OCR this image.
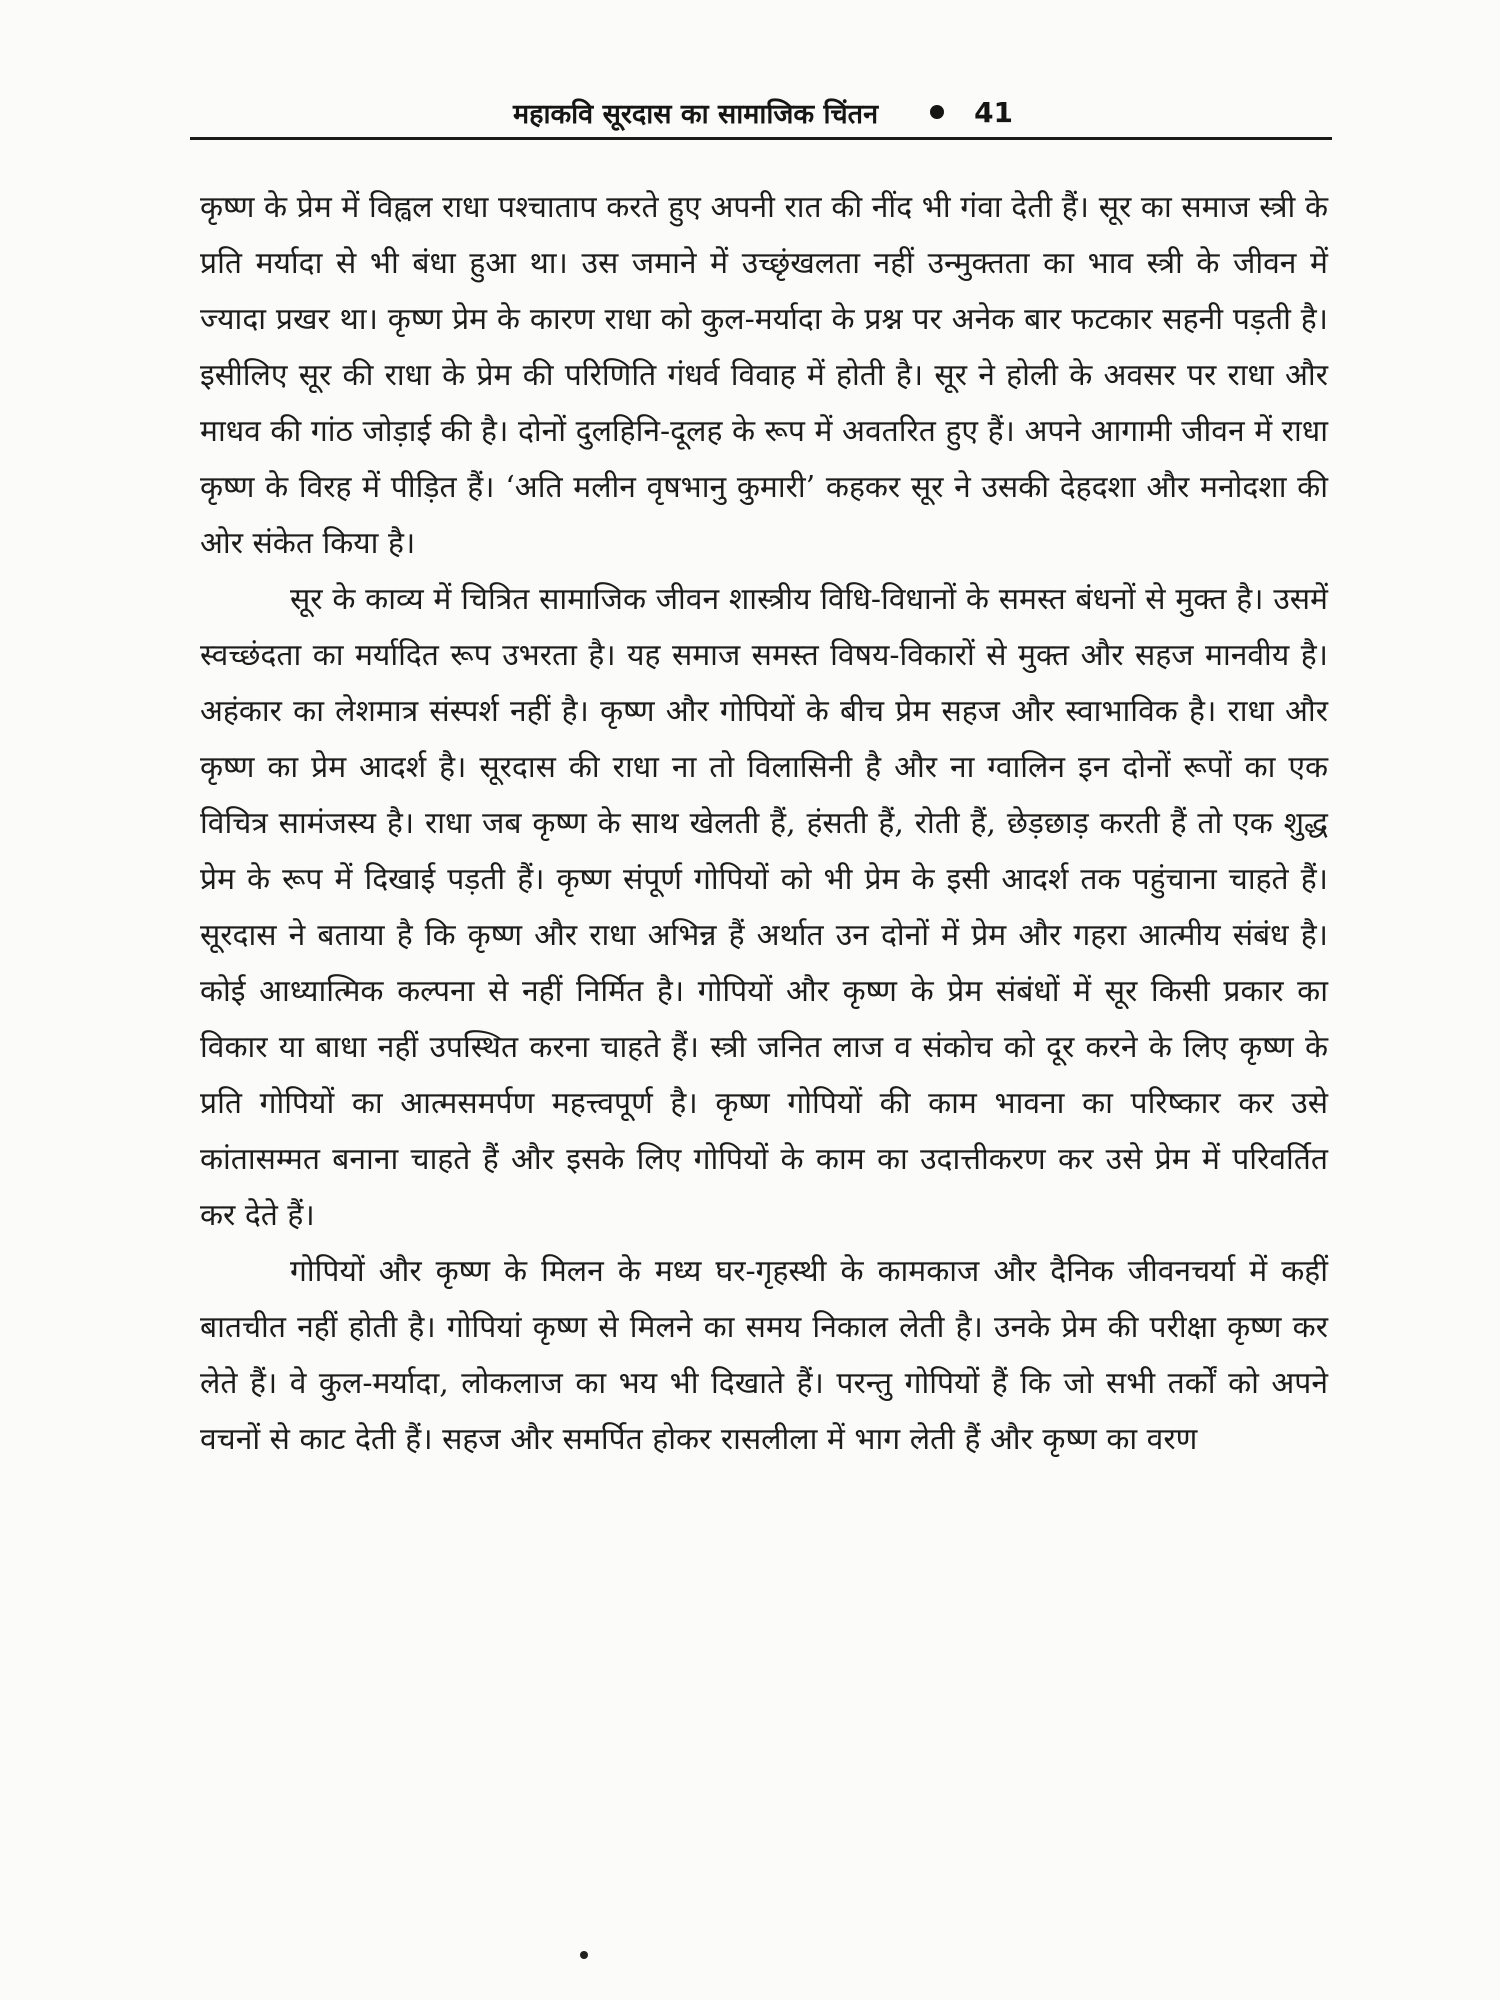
महाकवि सूरदास का सामाजिक चिंतन	41

कृष्ण के प्रेम में विह्वल राधा पश्चाताप करते हुए अपनी रात की नींद भी गंवा देती हैं। सूर का समाज स्त्री के प्रति मर्यादा से भी बंधा हुआ था। उस जमाने में उच्छृंखलता नहीं उन्मुक्तता का भाव स्त्री के जीवन में ज्यादा प्रखर था। कृष्ण प्रेम के कारण राधा को कुल-मर्यादा के प्रश्न पर अनेक बार फटकार सहनी पड़ती है। इसीलिए सूर की राधा के प्रेम की परिणिति गंधर्व विवाह में होती है। सूर ने होली के अवसर पर राधा और माधव की गांठ जोड़ाई की है। दोनों दुलहिनि-दूलह के रूप में अवतरित हुए हैं। अपने आगामी जीवन में राधा कृष्ण के विरह में पीड़ित हैं। ‘अति मलीन वृषभानु कुमारी’ कहकर सूर ने उसकी देहदशा और मनोदशा की ओर संकेत किया है।

सूर के काव्य में चित्रित सामाजिक जीवन शास्त्रीय विधि-विधानों के समस्त बंधनों से मुक्त है। उसमें स्वच्छंदता का मर्यादित रूप उभरता है। यह समाज समस्त विषय-विकारों से मुक्त और सहज मानवीय है। अहंकार का लेशमात्र संस्पर्श नहीं है। कृष्ण और गोपियों के बीच प्रेम सहज और स्वाभाविक है। राधा और कृष्ण का प्रेम आदर्श है। सूरदास की राधा ना तो विलासिनी है और ना ग्वालिन इन दोनों रूपों का एक विचित्र सामंजस्य है। राधा जब कृष्ण के साथ खेलती हैं, हंसती हैं, रोती हैं, छेड़छाड़ करती हैं तो एक शुद्ध प्रेम के रूप में दिखाई पड़ती हैं। कृष्ण संपूर्ण गोपियों को भी प्रेम के इसी आदर्श तक पहुंचाना चाहते हैं। सूरदास ने बताया है कि कृष्ण और राधा अभिन्न हैं अर्थात उन दोनों में प्रेम और गहरा आत्मीय संबंध है। कोई आध्यात्मिक कल्पना से नहीं निर्मित है। गोपियों और कृष्ण के प्रेम संबंधों में सूर किसी प्रकार का विकार या बाधा नहीं उपस्थित करना चाहते हैं। स्त्री जनित लाज व संकोच को दूर करने के लिए कृष्ण के प्रति गोपियों का आत्मसमर्पण महत्त्वपूर्ण है। कृष्ण गोपियों की काम भावना का परिष्कार कर उसे कांतासम्मत बनाना चाहते हैं और इसके लिए गोपियों के काम का उदात्तीकरण कर उसे प्रेम में परिवर्तित कर देते हैं।

गोपियों और कृष्ण के मिलन के मध्य घर-गृहस्थी के कामकाज और दैनिक जीवनचर्या में कहीं बातचीत नहीं होती है। गोपियां कृष्ण से मिलने का समय निकाल लेती है। उनके प्रेम की परीक्षा कृष्ण कर लेते हैं। वे कुल-मर्यादा, लोकलाज का भय भी दिखाते हैं। परन्तु गोपियों हैं कि जो सभी तर्कों को अपने वचनों से काट देती हैं। सहज और समर्पित होकर रासलीला में भाग लेती हैं और कृष्ण का वरण
